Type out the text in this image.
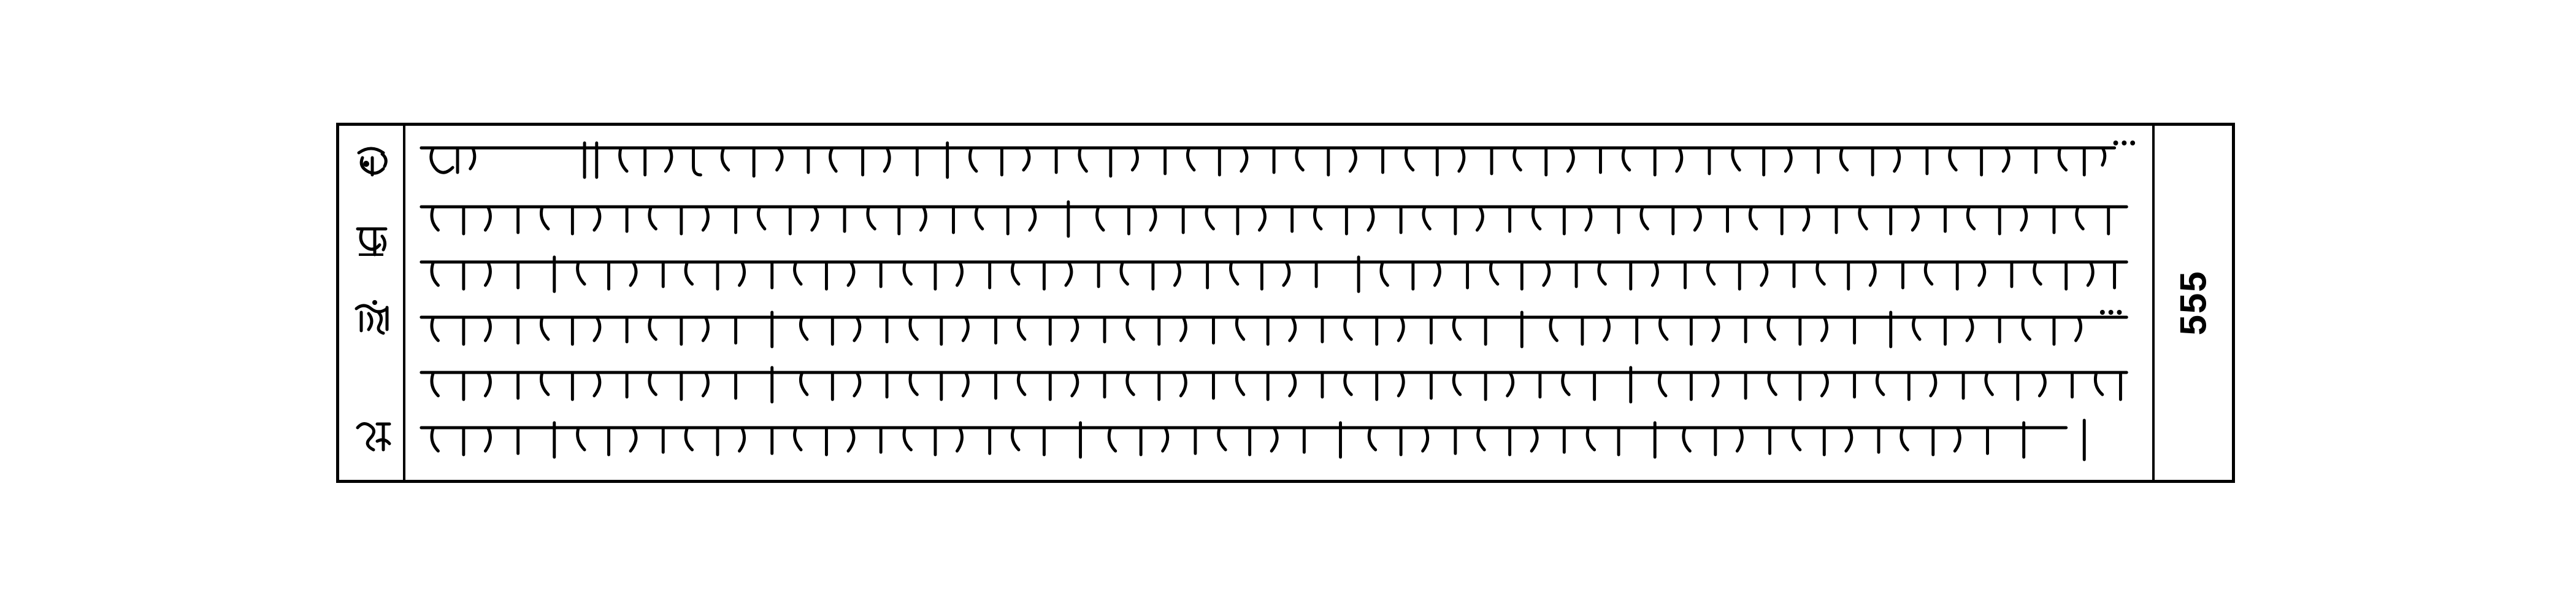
555
